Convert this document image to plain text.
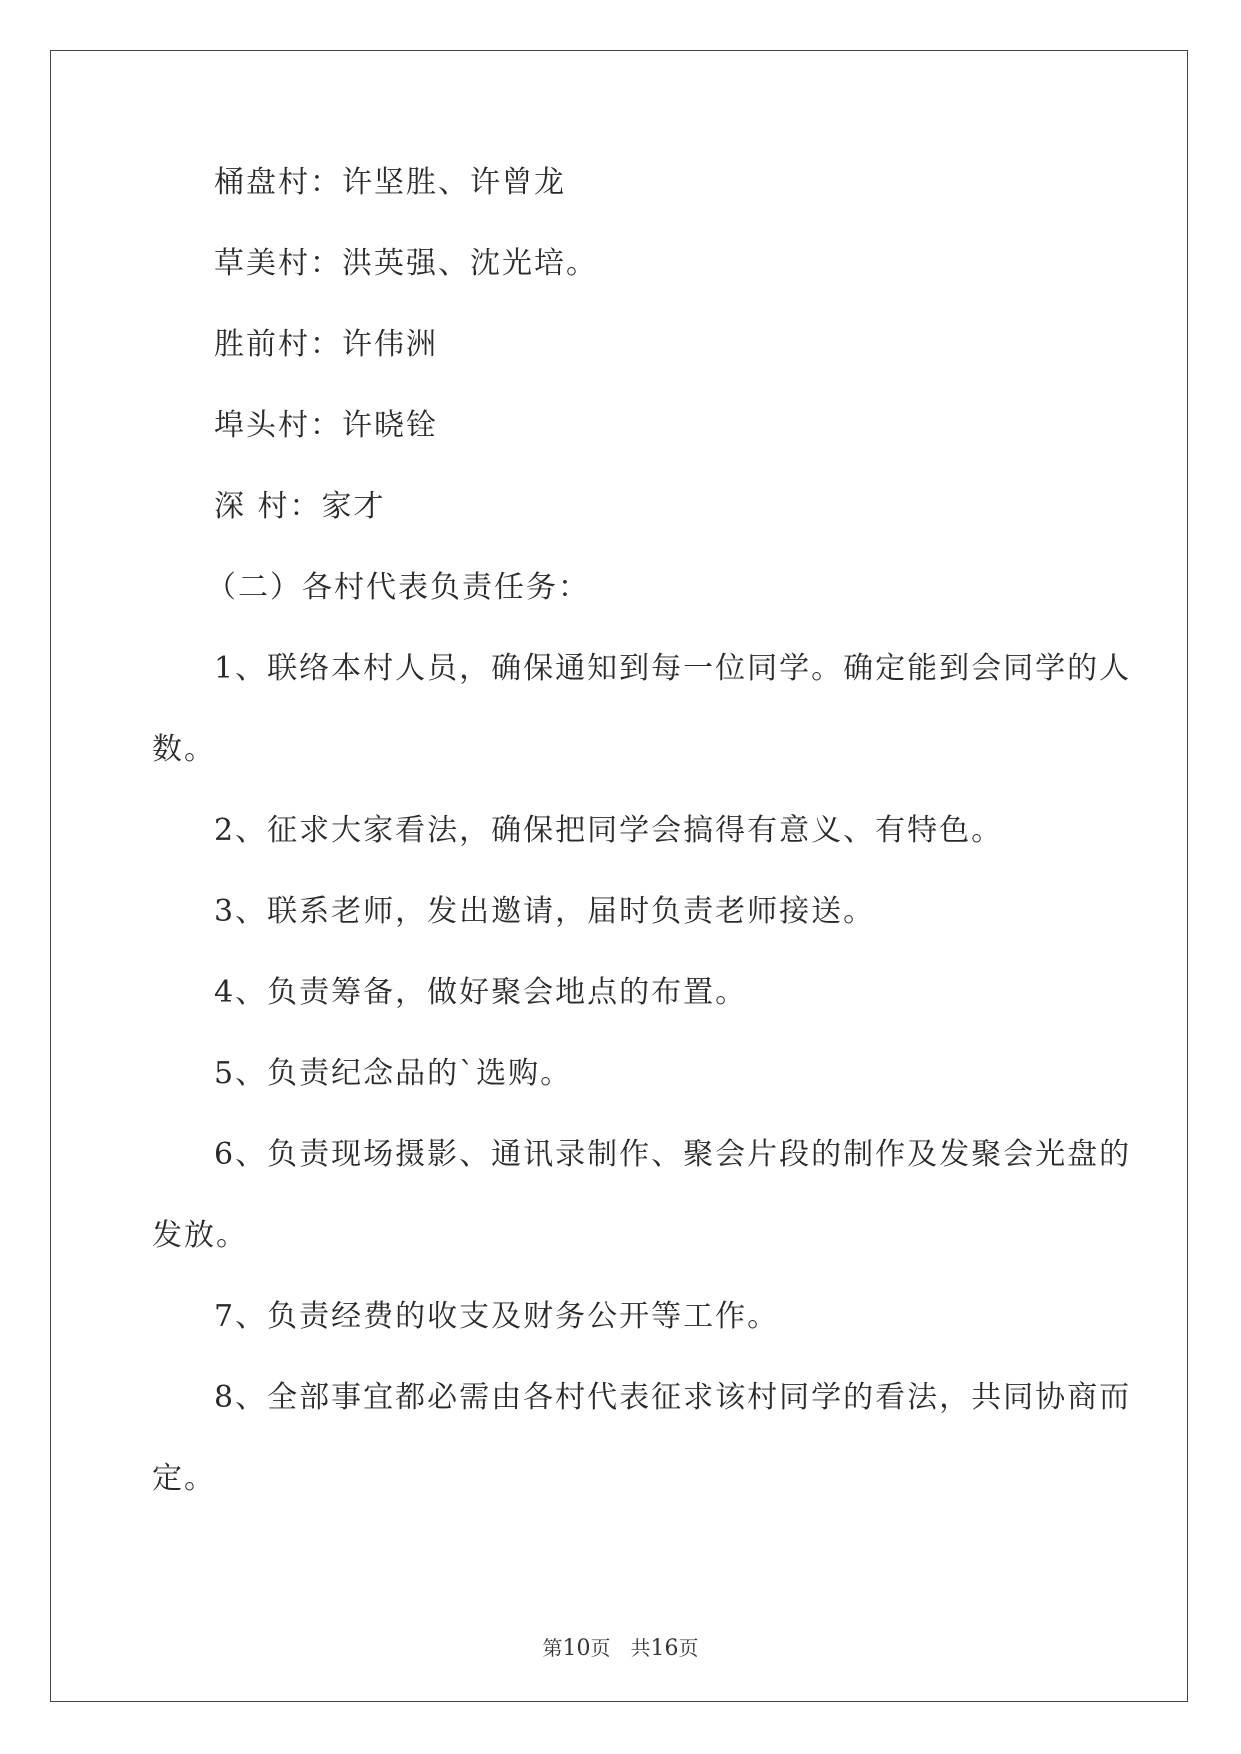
桶盘村：许坚胜、许曾龙
草美村：洪英强、沈光培。
胜前村：许伟洲
埠头村：许晓铨
深 村：家才
（二）各村代表负责任务：
1、联络本村人员，确保通知到每一位同学。确定能到会同学的人
数。
2、征求大家看法，确保把同学会搞得有意义、有特色。
3、联系老师，发出邀请，届时负责老师接送。
4、负责筹备，做好聚会地点的布置。
5、负责纪念品的`选购。
6、负责现场摄影、通讯录制作、聚会片段的制作及发聚会光盘的
发放。
7、负责经费的收支及财务公开等工作。
8、全部事宜都必需由各村代表征求该村同学的看法，共同协商而
定。
第10页　共16页
